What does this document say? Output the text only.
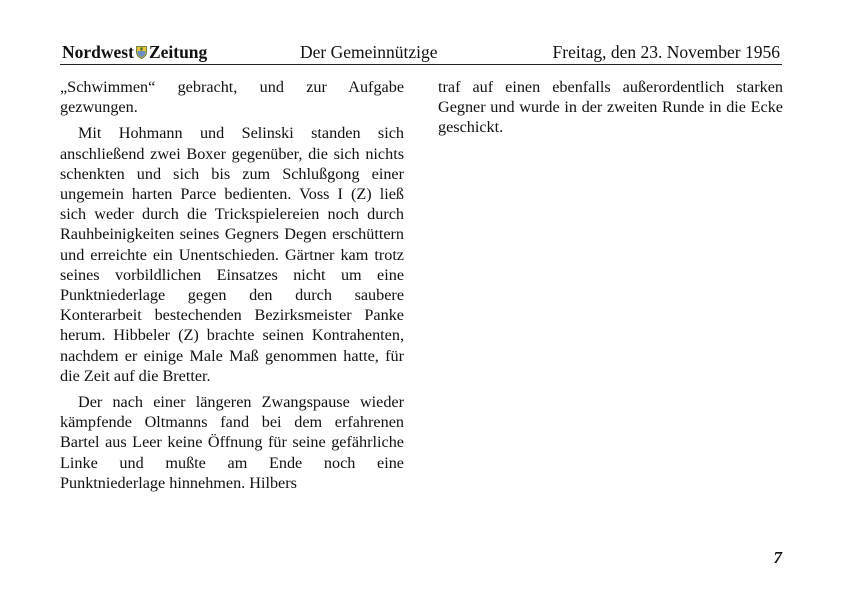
Nordwest Zeitung	Der Gemeinnützige	Freitag, den 23. November 1956

„Schwimmen“ gebracht, und zur Aufgabe gezwungen.

Mit Hohmann und Selinski standen sich anschließend zwei Boxer gegenüber, die sich nichts schenkten und sich bis zum Schlußgong einer ungemein harten Parce bedienten. Voss I (Z) ließ sich weder durch die Trickspielereien noch durch Rauhbeinigkeiten seines Gegners Degen erschüttern und erreichte ein Unentschieden. Gärtner kam trotz seines vorbildlichen Einsatzes nicht um eine Punktniederlage gegen den durch saubere Konterarbeit bestechenden Bezirksmeister Panke herum. Hibbeler (Z) brachte seinen Kontrahenten, nachdem er einige Male Maß genommen hatte, für die Zeit auf die Bretter.

Der nach einer längeren Zwangspause wieder kämpfende Oltmanns fand bei dem erfahrenen Bartel aus Leer keine Öffnung für seine gefährliche Linke und mußte am Ende noch eine Punktniederlage hinnehmen. Hilbers

traf auf einen ebenfalls außerordentlich starken Gegner und wurde in der zweiten Runde in die Ecke geschickt.

7
